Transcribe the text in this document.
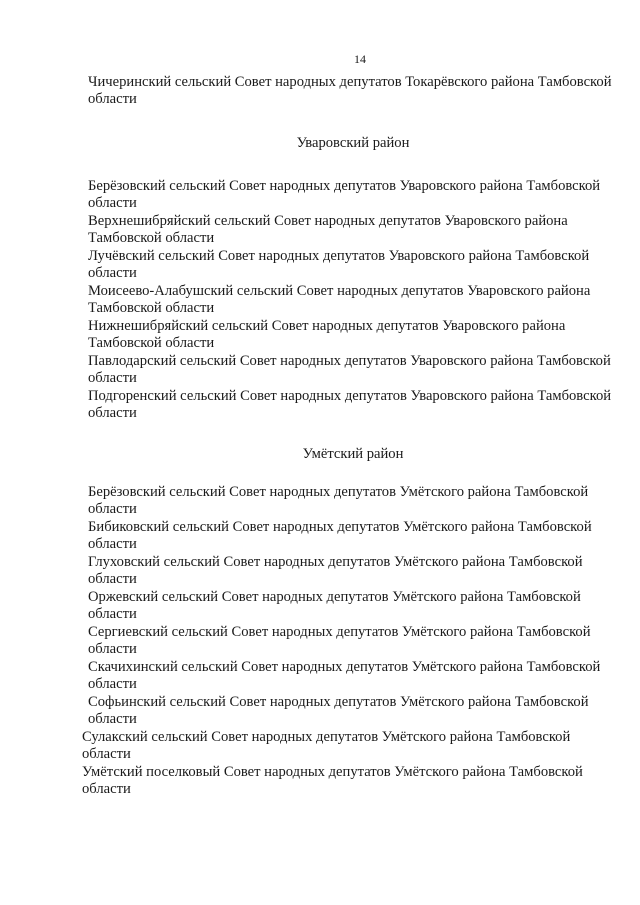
14

Чичеринский сельский Совет народных депутатов Токарёвского района Тамбовской области

Уваровский район

Берёзовский сельский Совет народных депутатов Уваровского района Тамбовской области

Верхнешибряйский сельский Совет народных депутатов Уваровского района Тамбовской области

Лучёвский сельский Совет народных депутатов Уваровского района Тамбовской области

Моисеево-Алабушский сельский Совет народных депутатов Уваровского района Тамбовской области

Нижнешибряйский сельский Совет народных депутатов Уваровского района Тамбовской области

Павлодарский сельский Совет народных депутатов Уваровского района Тамбовской области

Подгоренский сельский Совет народных депутатов Уваровского района Тамбовской области

Умётский район

Берёзовский сельский Совет народных депутатов Умётского района Тамбовской области

Бибиковский сельский Совет народных депутатов Умётского района Тамбовской области

Глуховский сельский Совет народных депутатов Умётского района Тамбовской области

Оржевский сельский Совет народных депутатов Умётского района Тамбовской области

Сергиевский сельский Совет народных депутатов Умётского района Тамбовской области

Скачихинский сельский Совет народных депутатов Умётского района Тамбовской области

Софьинский сельский Совет народных депутатов Умётского района Тамбовской области

Сулакский сельский Совет народных депутатов Умётского района Тамбовской области

Умётский поселковый Совет народных депутатов Умётского района Тамбовской области
